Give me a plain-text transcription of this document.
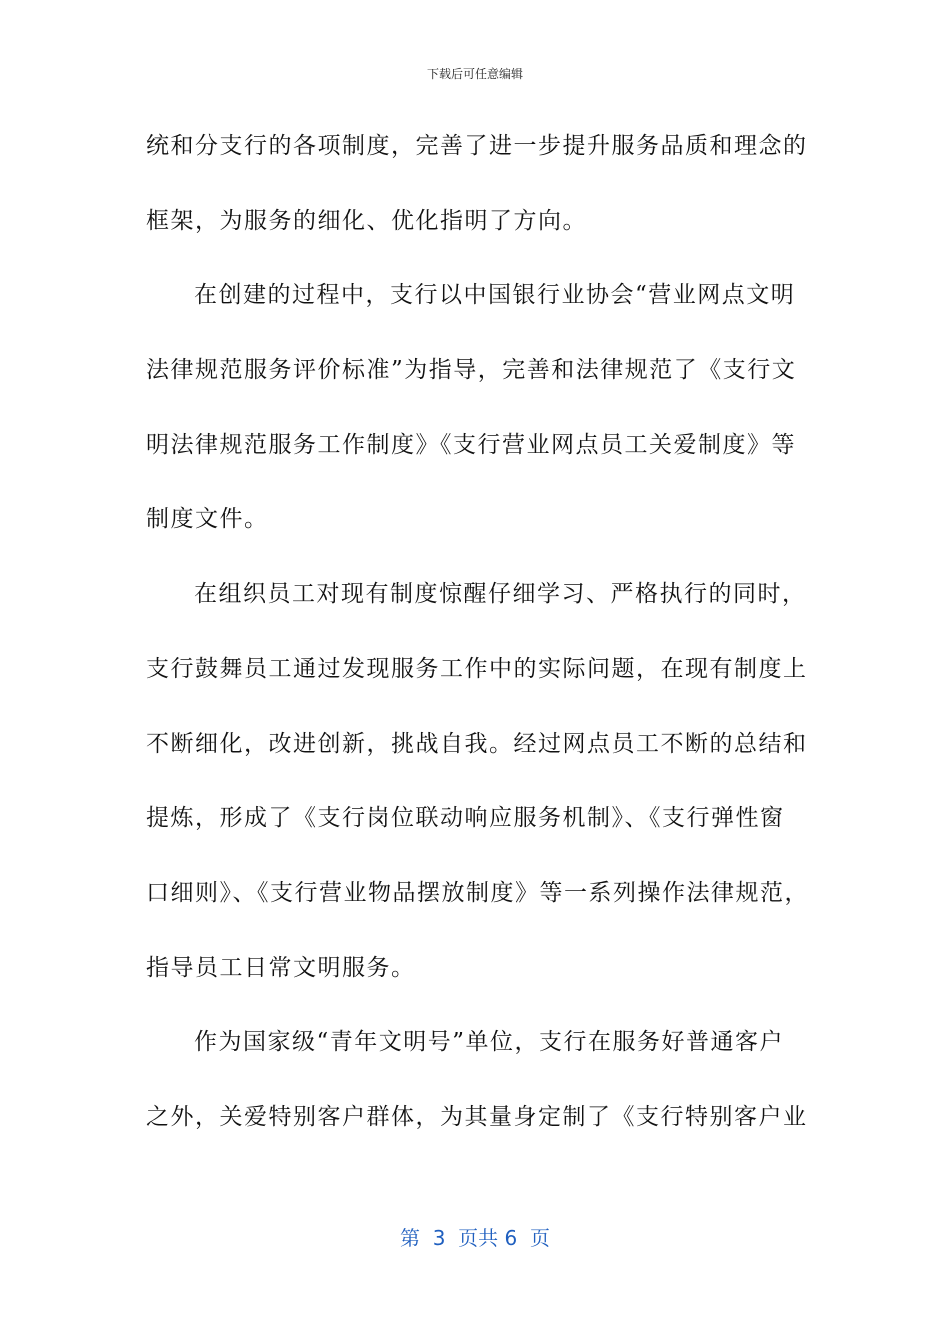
下载后可任意编辑
统和分支行的各项制度，完善了进一步提升服务品质和理念的
框架，为服务的细化、优化指明了方向。
在创建的过程中，支行以中国银行业协会“营业网点文明
法律规范服务评价标准”为指导，完善和法律规范了《支行文
明法律规范服务工作制度》《支行营业网点员工关爱制度》等
制度文件。
在组织员工对现有制度惊醒仔细学习、严格执行的同时，
支行鼓舞员工通过发现服务工作中的实际问题，在现有制度上
不断细化，改进创新，挑战自我。经过网点员工不断的总结和
提炼，形成了《支行岗位联动响应服务机制》、《支行弹性窗
口细则》、《支行营业物品摆放制度》等一系列操作法律规范，
指导员工日常文明服务。
作为国家级“青年文明号”单位，支行在服务好普通客户
之外，关爱特别客户群体，为其量身定制了《支行特别客户业
第  3  页共 6  页
